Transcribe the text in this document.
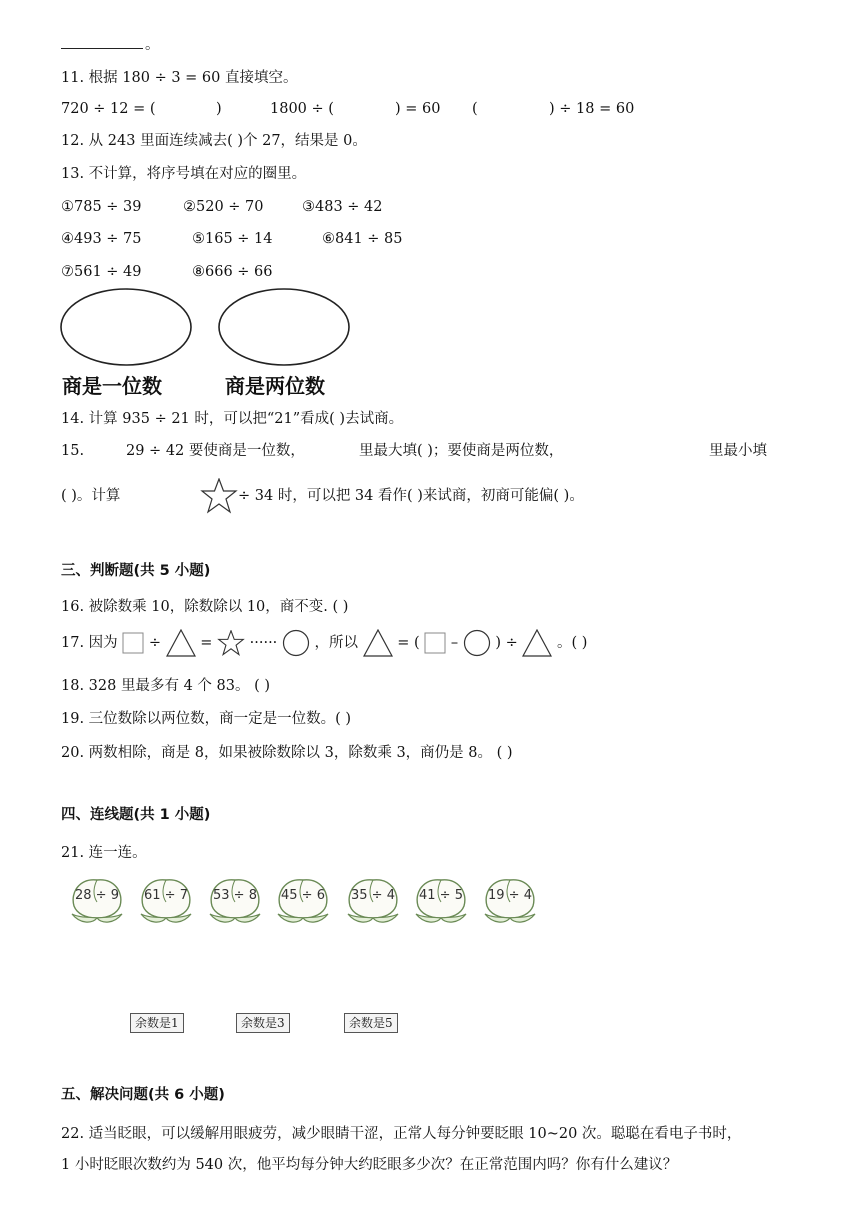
。
11. 根据 180 ÷ 3 = 60 直接填空。
720 ÷ 12 = (	)	1800 ÷ (	) = 60 (	) ÷ 18 = 60
12. 从 243 里面连续减去( )个 27，结果是 0。
13. 不计算，将序号填在对应的圈里。
①785 ÷ 39	②520 ÷ 70	③483 ÷ 42
④493 ÷ 75	⑤165 ÷ 14	⑥841 ÷ 85
⑦561 ÷ 49	⑧666 ÷ 66
商是一位数	商是两位数
14. 计算 935 ÷ 21 时，可以把“21”看成( )去试商。
15.	29 ÷ 42 要使商是一位数，	里最大填( )；要使商是两位数，	里最小填
( )。计算	÷ 34 时，可以把 34 看作( )来试商，初商可能偏( )。
三、判断题(共 5 小题)
16. 被除数乘 10，除数除以 10，商不变. ( )
17. 因为 ÷	=	······	，所以	= ( –	) ÷	。( )
18. 328 里最多有 4 个 83。 ( )
19. 三位数除以两位数，商一定是一位数。( )
20. 两数相除，商是 8，如果被除数除以 3，除数乘 3，商仍是 8。 ( )
四、连线题(共 1 小题)
21. 连一连。
28 ÷ 9	61 ÷ 7	53 ÷ 8	45 ÷ 6	35 ÷ 4	41 ÷ 5	19 ÷ 4
余数是1	余数是3	余数是5
五、解决问题(共 6 小题)
22. 适当眨眼，可以缓解用眼疲劳，减少眼睛干涩，正常人每分钟要眨眼 10~20 次。聪聪在看电子书时，
1 小时眨眼次数约为 540 次，他平均每分钟大约眨眼多少次？在正常范围内吗？你有什么建议？
